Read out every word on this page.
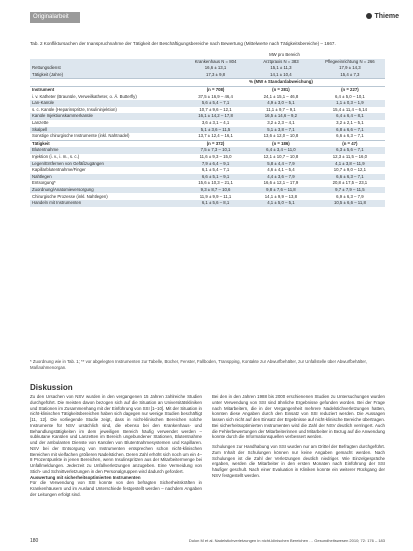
Originalarbeit	Thieme
Tab. 2 Konfliktursachen der Inanspruchnahme der Tätigkeit der Beschäftigungsbereiche nach Bewertung (Mittelwerte nach Tätigkeitsbereiche) – 1667.
	MW pro Bereich		
	Krankenhaus N = 804	Arztpraxis N = 383	Pflegeeinrichtung N = 266
Rettungsdienst	16,6 ± 13,1	15,1 ± 11,3	17,9 ± 14,3
Tätigkeit (Jahre)	17,3 ± 9,8	14,1 ± 10,4	15,4 ± 7,3
		% (MW ± Standardabweichung)	
Instrument	(n = 708)	(n = 281)	(n = 227)
i. v. Katheter (Braunüle, Verweilkatheter, o. Ä. Butterfly)	37,5 ± 16,9 – 46,4	24,1 ± 15,1 – 46,8	6,4 ± 5,0 – 10,1
Lan-Kanüle	5,6 ± 5,4 – 7,1	4,9 ± 3,0 – 5,1	1,1 ± 0,3 – 1,9
s. c. Kanüle (Heparinspritze, Insulininjektion)	10,7 ± 9,6 – 12,1	11,1 ± 9,7 – 9,1	15,4 ± 11,4 – 6,14
Kanüle Injektionskammerkanüle	16,1 ± 14,2 – 17,8	16,5 ± 14,6 – 9,2	6,4 ± 6,4 – 8,1
Lanzette	3,6 ± 3,1 – 4,1	3,2 ± 2,3 – 4,1	3,2 ± 2,1 – 5,1
Skalpell	5,1 ± 3,6 – 11,5	5,1 ± 3,8 – 7,1	6,8 ± 6,6 – 7,1
Sonstige chirurgische Instrumente (inkl. Nahtnadel)	13,7 ± 12,4 – 16,1	13,6 ± 12,0 – 10,8	6,6 ± 6,3 – 7,1
Tätigkeit	(n = 372)	(n = 186)	(n = 47)
Blutentnahme	7,5 ± 7,3 – 10,1	6,4 ± 3,4 – 11,0	6,3 ± 5,6 – 7,1
Injektion (i. v., i. m., s. c.)	11,6 ± 9,3 – 15,0	12,1 ± 10,7 – 10,8	12,3 ± 11,5 – 16,0
Legen/Entfernen von Gefäßzugängen	7,9 ± 6,4 – 9,1	5,8 ± 4,4 – 7,9	4,1 ± 3,8 – 11,9
Kapillarblutentnahme/Finger	6,1 ± 5,4 – 7,1	4,6 ± 4,1 – 5,4	10,7 ± 9,0 – 12,1
Nahtlegen	6,6 ± 5,1 – 9,1	4,4 ± 3,6 – 7,9	6,6 ± 6,3 – 7,1
Entsorgung*	15,6 ± 10,3 – 21,1	16,6 ± 12,1 – 17,9	20,8 ± 17,5 – 23,1
Zuordnung/Anatomieversorgung	9,3 ± 8,7 – 10,6	9,8 ± 7,6 – 11,8	9,7 ± 7,9 – 11,5
Chirurgische Prozesse (inkl. Nahtlegen)	11,9 ± 9,9 – 11,1	14,1 ± 9,9 – 13,8	6,9 ± 6,3 – 7,9
Handeln mit Instrumenten	6,1 ± 5,6 – 8,1	4,1 ± 5,0 – 5,1	10,5 ± 6,6 – 11,8
* Zuordnung wie in Tab. 1; ** vor abgelegten Instrumenten zur Tabelle, Bücher, Fenster, Fallboden, Transpping, Kontakte zur Abwurfbehälter, zur Unfallstelle über Abwurfbehälter, Maßnahmenorgan.
Diskussion
Zu den Ursachen von NSV wurden in den vergangenen 15 Jahren zahlreiche Studien durchgeführt. Die meisten davon bezogen sich auf die Situation an Universitätskliniken und Stationen im Zusammenhang mit der Einführung von SSI [1–10]. Mit der Situation in nicht-klinischen Tätigkeitsbereichen haben sich dagegen nur wenige Studien beschäftigt [11, 12]. Die vorliegende Studie zeigt, dass in nicht-klinischen Bereichen solche Instrumente für NSV ursächlich sind, die ebenso bei den Krankenhaus- und Behandlungstätigkeiten im dem jeweiligen Bereich häufig verwendet werden – subkutane Kanülen und Lanzetten im Bereich ungebundener Stationen, Blutentnahme und der ambulanten Dienste von Kanülen von Blutentnahmesystemen und Kapillaren. NSV bei der Entsorgung von Instrumenten entsprechen schon nicht-klinischen Bereichen mit vielfachen größeren Nadelstichen. Deren Zahl erhöht sich noch um ein 4–8 Prozentpunkte in jenen Bereichen, wenn Insulinspritzen aus der Mitarbeitermenge bei Unfallmeldungen. Jederzeit zu Unfallverletzungen anzugeben. Eine Vermeidung von Stich- und Schnittverletzungen in den Personalgruppen wird dadurch gefordert.
Auswertung mit sicherheitsoptimierten Instrumenten
Für die Verwendung von SSI konnte von den befragten Sicherheitskräften in Krankenhäusern und im Ausland Unterschiede festgestellt werden – nachdem Angaben der Leitungen erfolgt sind.
Bei den in den Jahren 1988 bis 2000 erschienenen Studien zu Untersuchungen wurden unter Verwendung von SSI sind ähnliche Ergebnisse gefunden worden. Bei der Frage nach Mitarbeitern, die in der Vergangenheit mehrere Nadelstichverletzungen hatten, konnten diese Angaben durch den Einsatz von SSI reduziert werden. Die Aussagen lassen sich nicht auf den Einsatz der Ergebnisse auf nicht-klinische Bereiche übertragen. Bei sicherheitsoptimierten Instrumenten wird die Zahl der NSV deutlich verringert. Auch die Fehlerbewertungen der Mitarbeiterinnen und Mitarbeiter in Bezug auf die Anwendung konnte durch die Informationsquellen verbessert werden.
Schulungen zur Handhabung von SSI wurden nur am Drittel der Befragten durchgeführt. Zum Inhalt der Schulungen können nur keine Angaben gemacht werden. Nach Schulungen ist die Zahl der Verletzungen deutlich niedriger. Wie Einzelgespräche ergaben, werden die Mitarbeiter in den ersten Monaten nach Einführung der SSI häufiger geschult. Nach einer Evaluation in Kliniken konnte ein weiterer Rückgang der NSV festgestellt werden.
180	Dulon M et al. Nadelstichverletzungen in nicht-klinischen Bereichen … Gesundheitswesen 2010; 72: 176 – 183
